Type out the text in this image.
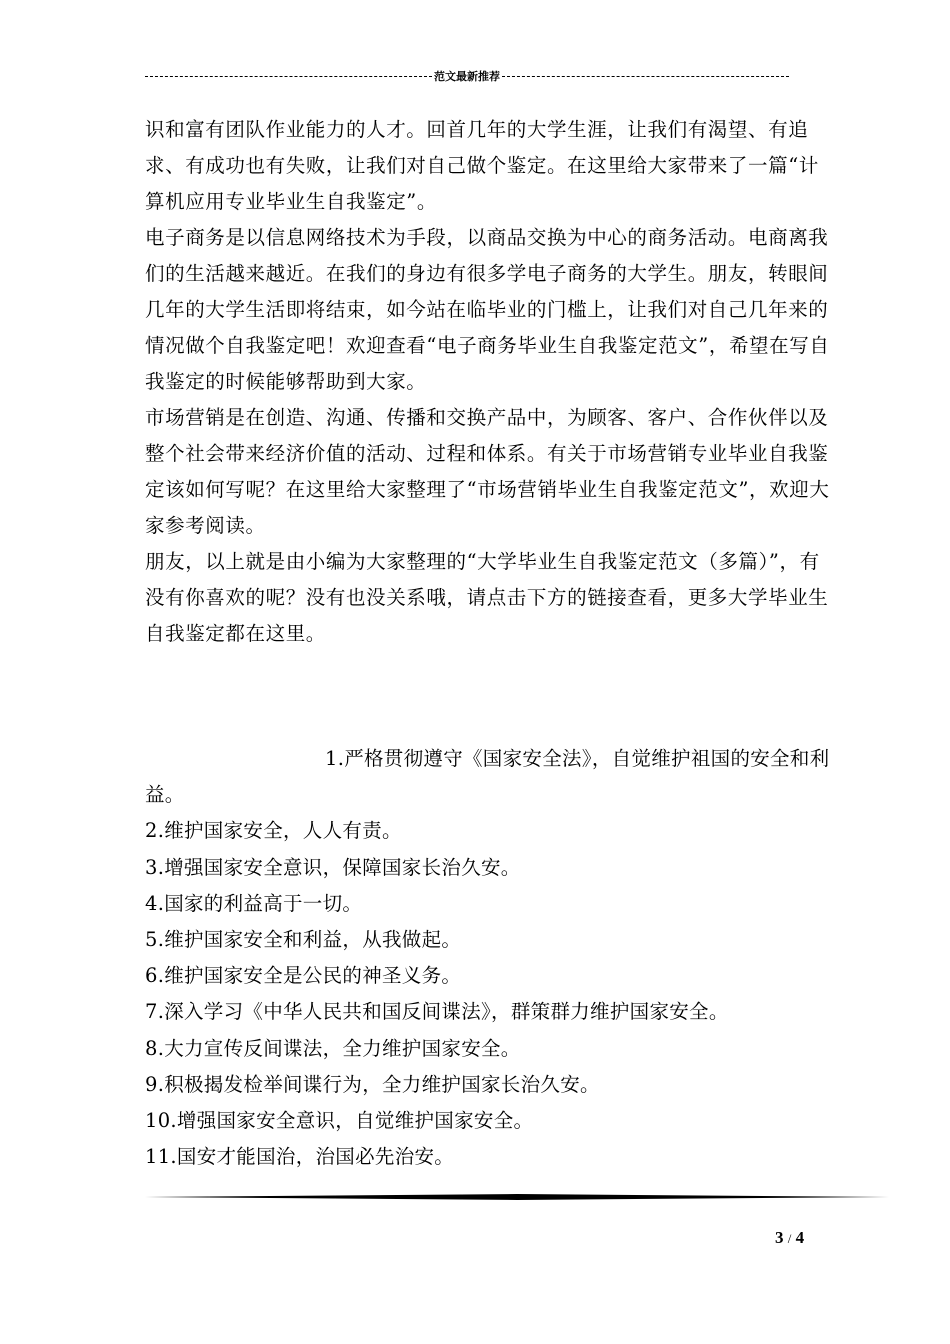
范文最新推荐

识和富有团队作业能力的人才。回首几年的大学生涯，让我们有渴望、有追求、有成功也有失败，让我们对自己做个鉴定。在这里给大家带来了一篇“计算机应用专业毕业生自我鉴定”。

电子商务是以信息网络技术为手段，以商品交换为中心的商务活动。电商离我们的生活越来越近。在我们的身边有很多学电子商务的大学生。朋友，转眼间几年的大学生活即将结束，如今站在临毕业的门槛上，让我们对自己几年来的情况做个自我鉴定吧！欢迎查看“电子商务毕业生自我鉴定范文”，希望在写自我鉴定的时候能够帮助到大家。

市场营销是在创造、沟通、传播和交换产品中，为顾客、客户、合作伙伴以及整个社会带来经济价值的活动、过程和体系。有关于市场营销专业毕业自我鉴定该如何写呢？在这里给大家整理了“市场营销毕业生自我鉴定范文”，欢迎大家参考阅读。

朋友，以上就是由小编为大家整理的“大学毕业生自我鉴定范文（多篇）”，有没有你喜欢的呢？没有也没关系哦，请点击下方的链接查看，更多大学毕业生自我鉴定都在这里。

1.严格贯彻遵守《国家安全法》，自觉维护祖国的安全和利益。

2.维护国家安全，人人有责。

3.增强国家安全意识，保障国家长治久安。

4.国家的利益高于一切。

5.维护国家安全和利益，从我做起。

6.维护国家安全是公民的神圣义务。

7.深入学习《中华人民共和国反间谍法》，群策群力维护国家安全。

8.大力宣传反间谍法，全力维护国家安全。

9.积极揭发检举间谍行为，全力维护国家长治久安。

10.增强国家安全意识，自觉维护国家安全。

11.国安才能国治，治国必先治安。

3 / 4
